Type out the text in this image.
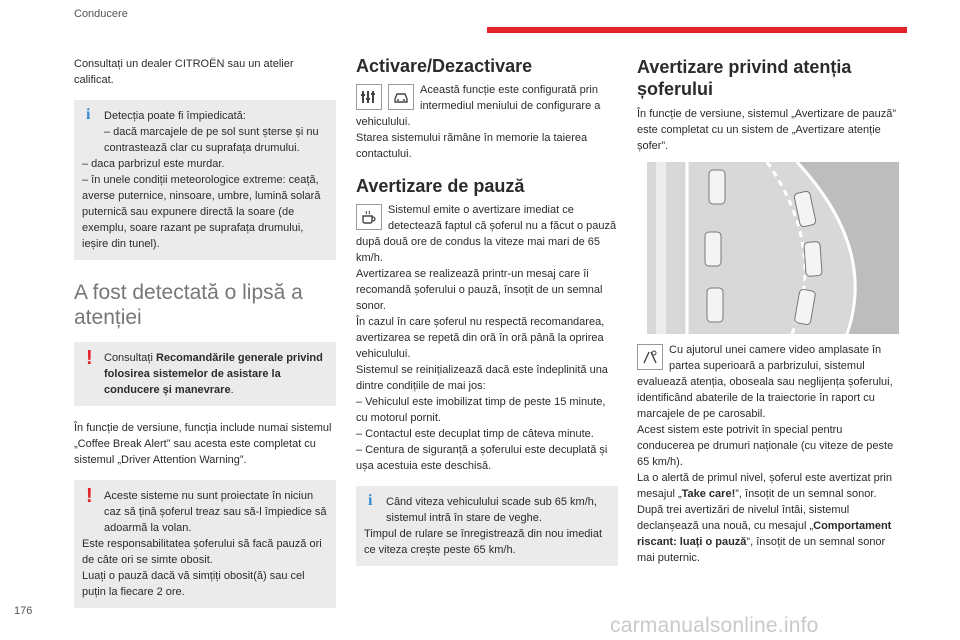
Conducere

Consultați un dealer CITROËN sau un atelier calificat.

i	Detecția poate fi împiedicată:

– dacă marcajele de pe sol sunt șterse și nu contrastează clar cu suprafața drumului.

– daca parbrizul este murdar.

– în unele condiții meteorologice extreme: ceață, averse puternice, ninsoare, umbre, lumină solară puternică sau expunere directă la soare (de exemplu, soare razant pe suprafața drumului, ieșire din tunel).

A fost detectată o lipsă a atenției
!	Consultați Recomandările generale privind folosirea sistemelor de asistare la conducere și manevrare.

În funcție de versiune, funcția include numai sistemul „Coffee Break Alert” sau acesta este completat cu sistemul „Driver Attention Warning”.

!	Aceste sisteme nu sunt proiectate în niciun caz să țină șoferul treaz sau să-l împiedice să adoarmă la volan.

Este responsabilitatea șoferului să facă pauză ori de câte ori se simte obosit.

Luați o pauză dacă vă simțiți obosit(ă) sau cel puțin la fiecare 2 ore.

Activare/Dezactivare
Această funcție este configurată prin intermediul meniului de configurare a vehiculului.

Starea sistemului rămâne în memorie la taierea contactului.

Avertizare de pauză
Sistemul emite o avertizare imediat ce detectează faptul că șoferul nu a făcut o pauză după două ore de condus la viteze mai mari de 65 km/h.

Avertizarea se realizează printr-un mesaj care îi recomandă șoferului o pauză, însoțit de un semnal sonor.

În cazul în care șoferul nu respectă recomandarea, avertizarea se repetă din oră în oră până la oprirea vehiculului.

Sistemul se reinițializează dacă este îndeplinită una dintre condițiile de mai jos:

– Vehiculul este imobilizat timp de peste 15 minute, cu motorul pornit.

– Contactul este decuplat timp de câteva minute.

– Centura de siguranță a șoferului este decuplată și ușa acestuia este deschisă.

i	Când viteza vehiculului scade sub 65 km/h, sistemul intră în stare de veghe.

Timpul de rulare se înregistrează din nou imediat ce viteza crește peste 65 km/h.

Avertizare privind atenția șoferului

În funcție de versiune, sistemul „Avertizare de pauză” este completat cu un sistem de „Avertizare atenție șofer”.

Cu ajutorul unei camere video amplasate în partea superioară a parbrizului, sistemul evaluează atenția, oboseala sau neglijența șoferului, identificând abaterile de la traiectorie în raport cu marcajele de pe carosabil.

Acest sistem este potrivit în special pentru conducerea pe drumuri naționale (cu viteze de peste 65 km/h).

La o alertă de primul nivel, șoferul este avertizat prin mesajul „Take care!”, însoțit de un semnal sonor.

După trei avertizări de nivelul întâi, sistemul declanșează una nouă, cu mesajul „Comportament riscant: luați o pauză”, însoțit de un semnal sonor mai puternic.

176
carmanualsonline.info
